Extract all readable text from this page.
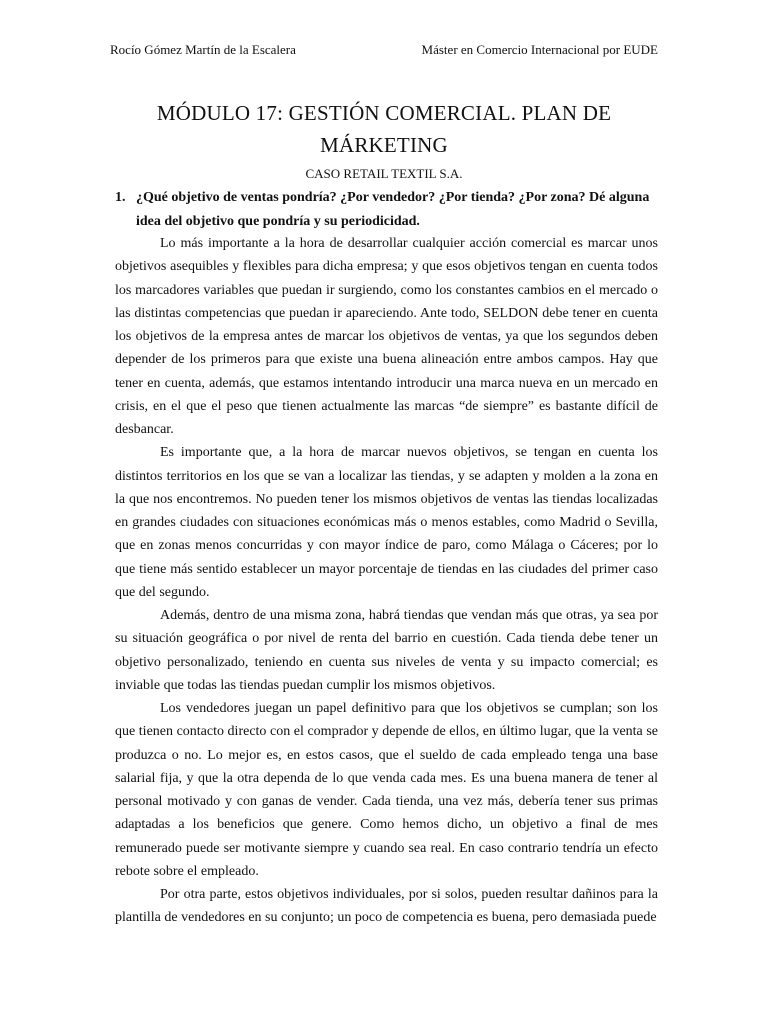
Rocío Gómez Martín de la Escalera	Máster en Comercio Internacional por EUDE
MÓDULO 17: GESTIÓN COMERCIAL. PLAN DE MÁRKETING
CASO RETAIL TEXTIL S.A.
1. ¿Qué objetivo de ventas pondría? ¿Por vendedor? ¿Por tienda? ¿Por zona? Dé alguna idea del objetivo que pondría y su periodicidad.

Lo más importante a la hora de desarrollar cualquier acción comercial es marcar unos objetivos asequibles y flexibles para dicha empresa; y que esos objetivos tengan en cuenta todos los marcadores variables que puedan ir surgiendo, como los constantes cambios en el mercado o las distintas competencias que puedan ir apareciendo. Ante todo, SELDON debe tener en cuenta los objetivos de la empresa antes de marcar los objetivos de ventas, ya que los segundos deben depender de los primeros para que existe una buena alineación entre ambos campos. Hay que tener en cuenta, además, que estamos intentando introducir una marca nueva en un mercado en crisis, en el que el peso que tienen actualmente las marcas “de siempre” es bastante difícil de desbancar.

Es importante que, a la hora de marcar nuevos objetivos, se tengan en cuenta los distintos territorios en los que se van a localizar las tiendas, y se adapten y molden a la zona en la que nos encontremos. No pueden tener los mismos objetivos de ventas las tiendas localizadas en grandes ciudades con situaciones económicas más o menos estables, como Madrid o Sevilla, que en zonas menos concurridas y con mayor índice de paro, como Málaga o Cáceres; por lo que tiene más sentido establecer un mayor porcentaje de tiendas en las ciudades del primer caso que del segundo.

Además, dentro de una misma zona, habrá tiendas que vendan más que otras, ya sea por su situación geográfica o por nivel de renta del barrio en cuestión. Cada tienda debe tener un objetivo personalizado, teniendo en cuenta sus niveles de venta y su impacto comercial; es inviable que todas las tiendas puedan cumplir los mismos objetivos.

Los vendedores juegan un papel definitivo para que los objetivos se cumplan; son los que tienen contacto directo con el comprador y depende de ellos, en último lugar, que la venta se produzca o no. Lo mejor es, en estos casos, que el sueldo de cada empleado tenga una base salarial fija, y que la otra dependa de lo que venda cada mes. Es una buena manera de tener al personal motivado y con ganas de vender. Cada tienda, una vez más, debería tener sus primas adaptadas a los beneficios que genere. Como hemos dicho, un objetivo a final de mes remunerado puede ser motivante siempre y cuando sea real. En caso contrario tendría un efecto rebote sobre el empleado.

Por otra parte, estos objetivos individuales, por si solos, pueden resultar dañinos para la plantilla de vendedores en su conjunto; un poco de competencia es buena, pero demasiada puede
